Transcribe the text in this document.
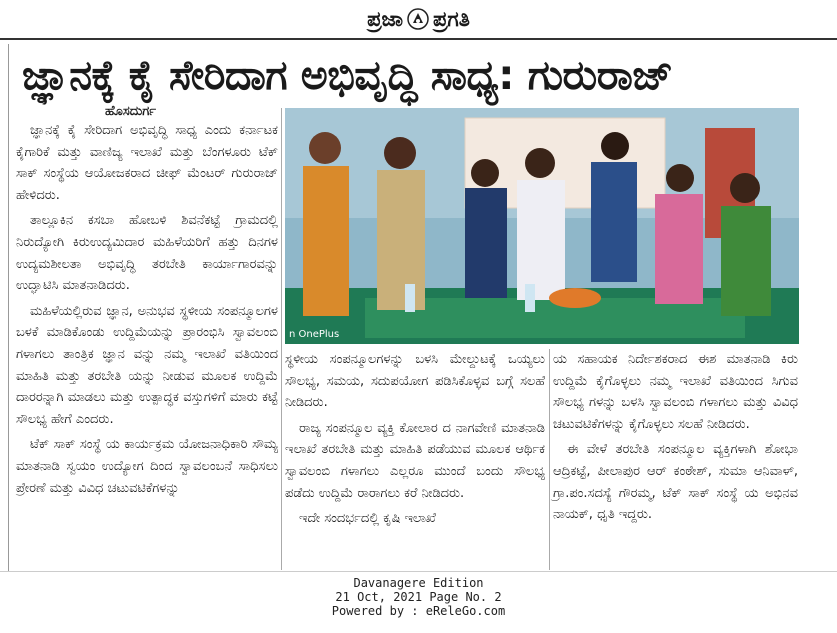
ಪ್ರಜಾ ಪ್ರಗತಿ
ಜ್ಞಾನಕ್ಕೆ ಕೈ ಸೇರಿದಾಗ ಅಭಿವೃದ್ಧಿ ಸಾಧ್ಯ: ಗುರುರಾಜ್
ಹೊಸದುರ್ಗ

ಜ್ಞಾನಕ್ಕೆ ಕೈ ಸೇರಿದಾಗ ಅಭಿವೃದ್ಧಿ ಸಾಧ್ಯ ಎಂದು ಕರ್ನಾಟಕ ಕೈಗಾರಿಕೆ ಮತ್ತು ವಾಣಿಜ್ಯ ಇಲಾಖೆ ಮತ್ತು ಬೆಂಗಳೂರು ಟೆಕ್ ಸಾಕ್ ಸಂಸ್ಥೆಯ ಆಯೋಜಕರಾದ ಚೀಫ್ ಮೆಂಟರ್ ಗುರುರಾಜ್ ಹೇಳಿದರು.

ತಾಲ್ಲೂಕಿನ ಕಸಬಾ ಹೋಬಳಿ ಶಿವನೆಕಟ್ಟೆ ಗ್ರಾಮದಲ್ಲಿ ನಿರುದ್ಯೋಗಿ ಕಿರುಉದ್ಯಮಿದಾರ ಮಹಿಳೆಯರಿಗೆ ಹತ್ತು ದಿನಗಳ ಉದ್ಯಮಶೀಲತಾ ಅಭಿವೃದ್ಧಿ ತರಬೇತಿ ಕಾರ್ಯಾಗಾರವನ್ನು ಉದ್ಘಾಟಿಸಿ ಮಾತನಾಡಿದರು.

ಮಹಿಳೆಯಲ್ಲಿರುವ ಜ್ಞಾನ, ಅನುಭವ ಸ್ಥಳೀಯ ಸಂಪನ್ಮೂಲಗಳ ಬಳಕೆ ಮಾಡಿಕೊಂಡು ಉದ್ದಿಮೆಯನ್ನು ಪ್ರಾರಂಭಿಸಿ ಸ್ವಾವಲಂಬಿ ಗಳಾಗಲು ತಾಂತ್ರಿಕ ಜ್ಞಾನ ವನ್ನು ನಮ್ಮ ಇಲಾಖೆ ವತಿಯಿಂದ ಮಾಹಿತಿ ಮತ್ತು ತರಬೇತಿ ಯನ್ನು ನೀಡುವ ಮೂಲಕ ಉದ್ದಿಮೆ ದಾರರನ್ನಾಗಿ ಮಾಡಲು ಮತ್ತು ಉತ್ಪಾದ್ಧಕ ವಸ್ತುಗಳಿಗೆ ಮಾರು ಕಟ್ಟೆ ಸೌಲಭ್ಯ ಹೇಗೆ ಎಂದರು.

ಟೆಕ್ ಸಾಕ್ ಸಂಸ್ಥೆ ಯ ಕಾರ್ಯಕ್ರಮ ಯೋಜನಾಧಿಕಾರಿ ಸೌಮ್ಯ ಮಾತನಾಡಿ ಸ್ವಯಂ ಉದ್ಯೋಗ ದಿಂದ ಸ್ವಾವಲಂಬನೆ ಸಾಧಿಸಲು ಪ್ರೇರಣೆ ಮತ್ತು ವಿವಿಧ ಚಟುವಟಿಕೆಗಳನ್ನು

n OnePlus

ಸ್ಥಳೀಯ ಸಂಪನ್ಮೂಲಗಳನ್ನು ಬಳಸಿ ಮೇಲ್ದುಟಕ್ಕೆ ಒಯ್ಯಲು ಸೌಲಭ್ಯ, ಸಮಯ, ಸದುಪಯೋಗ ಪಡಿಸಿಕೊಳ್ಳವ ಬಗ್ಗೆ ಸಲಹೆ ನೀಡಿದರು.

ರಾಜ್ಯ ಸಂಪನ್ಮೂಲ ವ್ಯಕ್ತಿ ಕೋಲಾರ ದ ನಾಗವೇಣಿ ಮಾತನಾಡಿ ಇಲಾಖೆ ತರಬೇತಿ ಮತ್ತು ಮಾಹಿತಿ ಪಡೆಯುವ ಮೂಲಕ ಆರ್ಥಿಕ ಸ್ವಾವಲಂಬಿ ಗಳಾಗಲು ಎಲ್ಲರೂ ಮುಂದೆ ಬಂದು ಸೌಲಭ್ಯ ಪಡೆದು ಉದ್ದಿಮೆ ರಾರಾಗಲು ಕರೆ ನೀಡಿದರು.

ಇದೇ ಸಂದರ್ಭದಲ್ಲಿ ಕೃಷಿ ಇಲಾಖೆ

ಯ ಸಹಾಯಕ ನಿರ್ದೇಶಕರಾದ ಈಶ ಮಾತನಾಡಿ ಕಿರು ಉದ್ದಿಮೆ ಕೈಗೊಳ್ಳಲು ನಮ್ಮ ಇಲಾಖೆ ವತಿಯಿಂದ ಸಿಗುವ ಸೌಲಭ್ಯ ಗಳನ್ನು ಬಳಸಿ ಸ್ವಾವಲಂಬಿ ಗಳಾಗಲು ಮತ್ತು ವಿವಿಧ ಚಟುವಟಿಕೆಗಳನ್ನು ಕೈಗೊಳ್ಳಲು ಸಲಹೆ ನೀಡಿದರು.

ಈ ವೇಳೆ ತರಬೇತಿ ಸಂಪನ್ಮೂಲ ವ್ಯಕ್ತಿಗಳಾಗಿ ಶೋಭಾ ಆದ್ರಿಕಟ್ಟೆ, ಪೀಲಾಪುರ ಆರ್ ಕಂಠೇಶ್, ಸುಮಾ ಆನಿವಾಳ್, ಗ್ರಾ.ಪಂ.ಸದಸ್ಯೆ ಗೌರಮ್ಮ, ಟೆಕ್ ಸಾಕ್ ಸಂಸ್ಥೆ ಯ ಅಭಿನವ ನಾಯಕ್, ಧೃತಿ ಇದ್ದರು.

Davanagere Edition
21 Oct, 2021 Page No. 2
Powered by : eReleGo.com
